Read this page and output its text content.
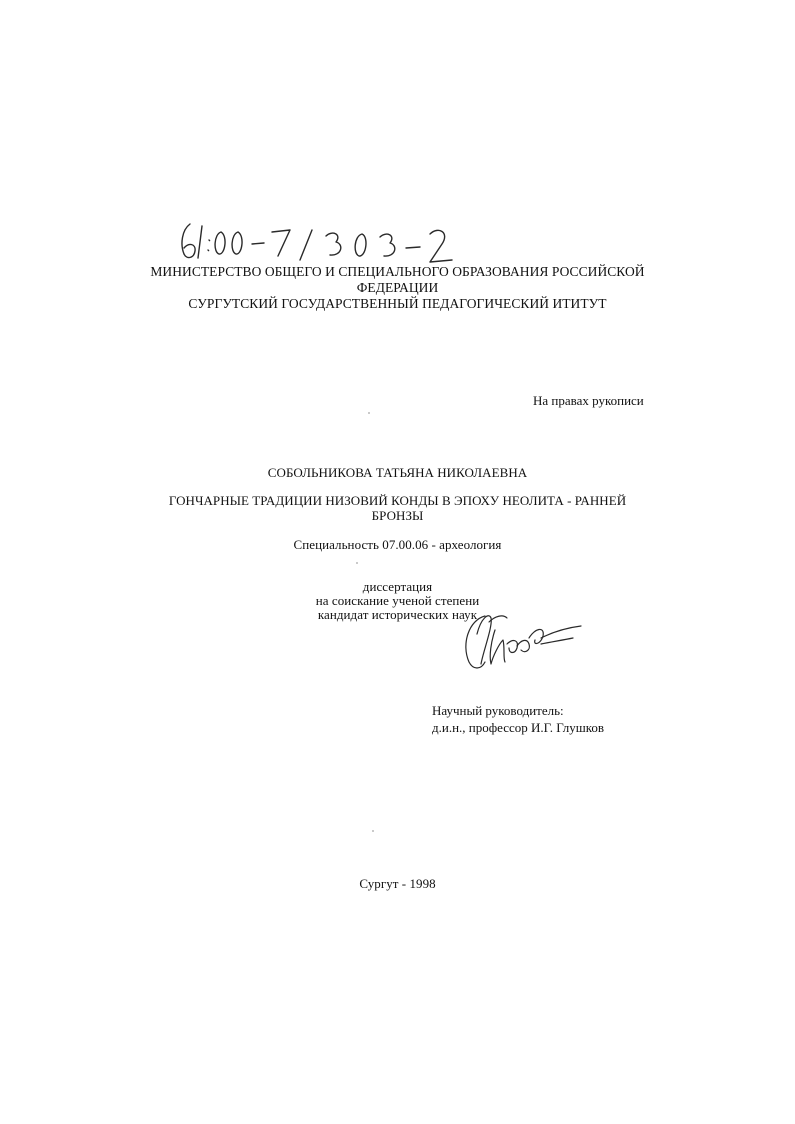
МИНИСТЕРСТВО ОБЩЕГО И СПЕЦИАЛЬНОГО ОБРАЗОВАНИЯ РОССИЙСКОЙ
ФЕДЕРАЦИИ
СУРГУТСКИЙ ГОСУДАРСТВЕННЫЙ ПЕДАГОГИЧЕСКИЙ ИТИТУТ
На правах рукописи
СОБОЛЬНИКОВА ТАТЬЯНА НИКОЛАЕВНА
ГОНЧАРНЫЕ ТРАДИЦИИ НИЗОВИЙ КОНДЫ В ЭПОХУ НЕОЛИТА - РАННЕЙ
БРОНЗЫ
Специальность 07.00.06 - археология
диссертация
на соискание ученой степени
кандидат исторических наук
Научный руководитель:
д.и.н., профессор И.Г. Глушков
Сургут - 1998
